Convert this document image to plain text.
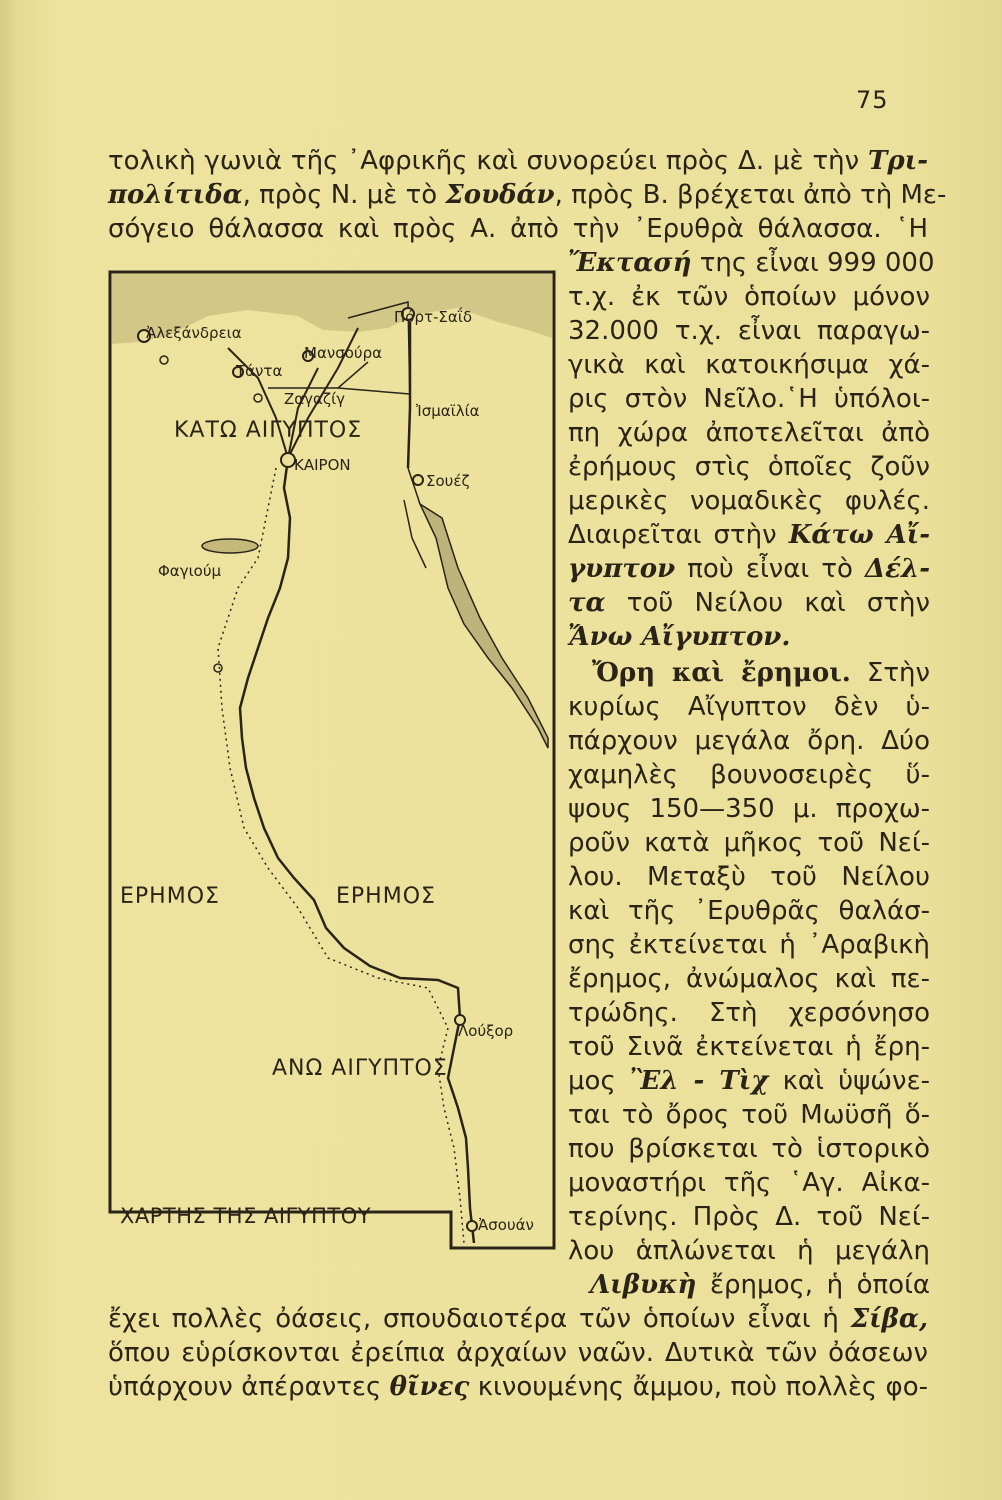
75
τολικὴ γωνιὰ τῆς ᾿Αφρικῆς καὶ συνορεύει πρὸς Δ. μὲ τὴν Τρι-
πολίτιδα, πρὸς Ν. μὲ τὸ Σουδάν, πρὸς Β. βρέχεται ἀπὸ τὴ Με-
σόγειο θάλασσα καὶ πρὸς Α. ἀπὸ τὴν ᾿Ερυθρὰ θάλασσα. ῾Η
Ἔκτασή της εἶναι 999 000
τ.χ. ἐκ τῶν ὁποίων μόνον
32.000 τ.χ. εἶναι παραγω-
γικὰ καὶ κατοικήσιμα χά-
ρις στὸν Νεῖλο.῾Η ὑπόλοι-
πη χώρα ἀποτελεῖται ἀπὸ
ἐρήμους στὶς ὁποῖες ζοῦν
μερικὲς νομαδικὲς φυλές.
Διαιρεῖται στὴν Κάτω Αἴ-
γυπτον ποὺ εἶναι τὸ Δέλ-
τα τοῦ Νείλου καὶ στὴν
Ἄνω Αἴγυπτον.
Ὄρη καὶ ἔρημοι. Στὴν
κυρίως Αἴγυπτον δὲν ὑ-
πάρχουν μεγάλα ὄρη. Δύο
χαμηλὲς βουνοσειρὲς ὕ-
ψους 150—350 μ. προχω-
ροῦν κατὰ μῆκος τοῦ Νεί-
λου. Μεταξὺ τοῦ Νείλου
καὶ τῆς ᾿Ερυθρᾶς θαλάσ-
σης ἐκτείνεται ἡ ᾿Αραβικὴ
ἔρημος, ἀνώμαλος καὶ πε-
τρώδης. Στὴ χερσόνησο
τοῦ Σινᾶ ἐκτείνεται ἡ ἔρη-
μος Ἒλ - Τὶχ καὶ ὑψώνε-
ται τὸ ὄρος τοῦ Μωϋσῆ ὅ-
που βρίσκεται τὸ ἱστορικὸ
μοναστήρι τῆς ῾Αγ. Αἰκα-
τερίνης. Πρὸς Δ. τοῦ Νεί-
λου ἁπλώνεται ἡ μεγάλη
Λιβυκὴ ἔρημος, ἡ ὁποία
ἔχει πολλὲς ὀάσεις, σπουδαιοτέρα τῶν ὁποίων εἶναι ἡ Σίβα,
ὅπου εὑρίσκονται ἐρείπια ἀρχαίων ναῶν. Δυτικὰ τῶν ὀάσεων
ὑπάρχουν ἀπέραντες θῖνες κινουμένης ἄμμου, ποὺ πολλὲς φο-
Ἀλεξάνδρεια
Πόρτ-Σαΐδ
Μανσούρα
Τάντα
Ζαγαζίγ
Ἰσμαϊλία
ΚΑΤΩ ΑΙΓΥΠΤΟΣ
ΚΑΙΡΟΝ
Σουέζ
Φαγιούμ
ΕΡΗΜΟΣ	ΕΡΗΜΟΣ
Λούξορ
ΑΝΩ ΑΙΓΥΠΤΟΣ
ΧΑΡΤΗΣ ΤΗΣ ΑΙΓΥΠΤΟΥ	Ἀσουάν
